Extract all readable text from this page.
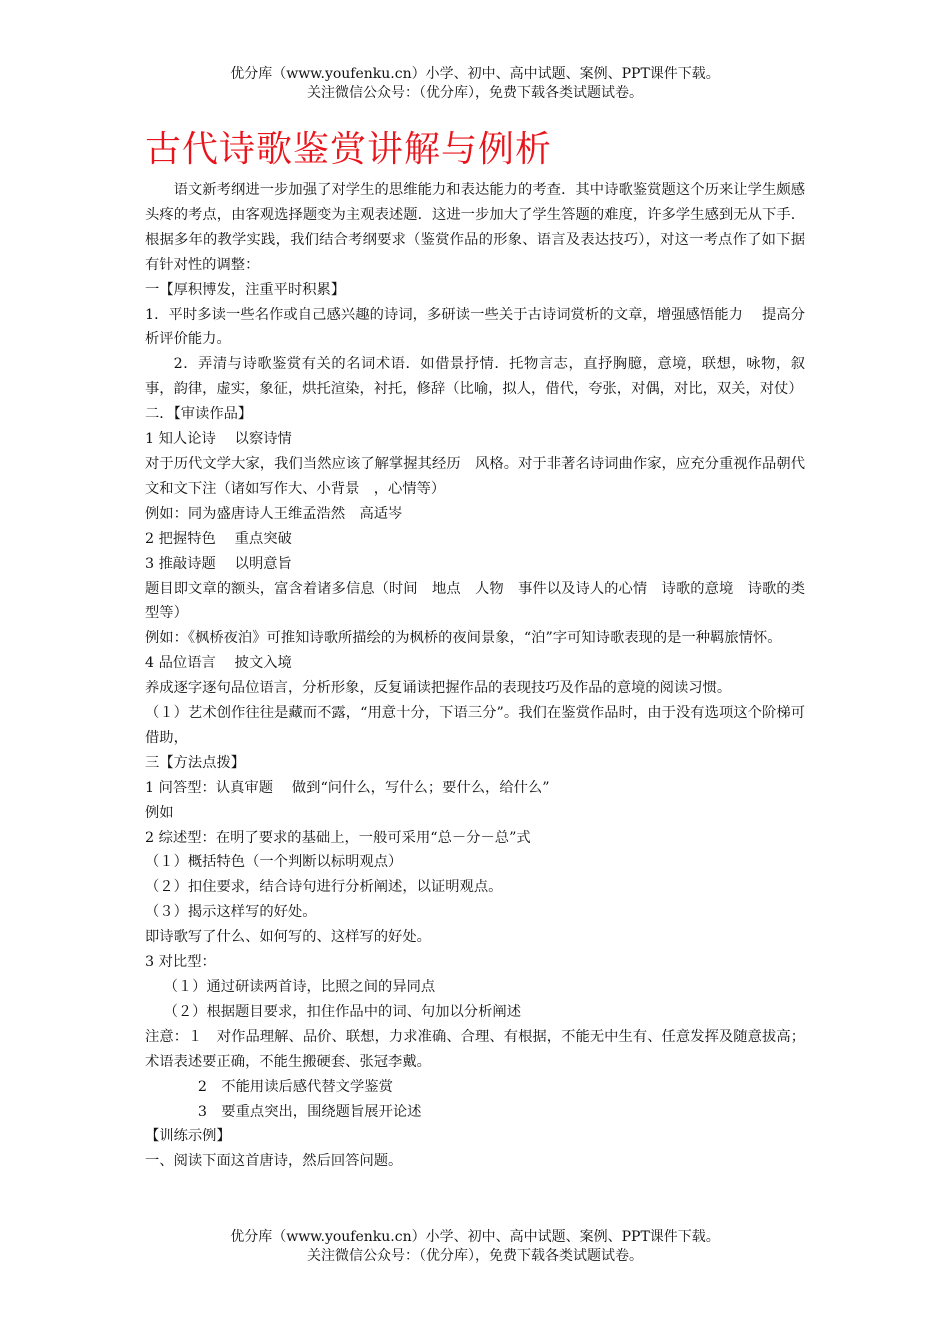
优分库（www.youfenku.cn）小学、初中、高中试题、案例、PPT课件下载。
关注微信公众号：（优分库），免费下载各类试题试卷。
古代诗歌鉴赏讲解与例析

语文新考纲进一步加强了对学生的思维能力和表达能力的考查．其中诗歌鉴赏题这个历来让学生颇感头疼的考点，由客观选择题变为主观表述题．这进一步加大了学生答题的难度，许多学生感到无从下手．根据多年的教学实践，我们结合考纲要求（鉴赏作品的形象、语言及表达技巧），对这一考点作了如下据有针对性的调整：

一【厚积博发，注重平时积累】

1．平时多读一些名作或自己感兴趣的诗词，多研读一些关于古诗词赏析的文章，增强感悟能力　 提高分析评价能力。

2．弄清与诗歌鉴赏有关的名词术语．如借景抒情．托物言志，直抒胸臆，意境，联想，咏物，叙事，韵律，虚实，象征，烘托渲染，衬托，修辞（比喻，拟人，借代，夸张，对偶，对比，双关，对仗）

二．【审读作品】

1 知人论诗　 以察诗情

对于历代文学大家，我们当然应该了解掌握其经历　风格。对于非著名诗词曲作家，应充分重视作品朝代文和文下注（诸如写作大、小背景　，心情等）

例如：同为盛唐诗人王维孟浩然　高适岑

2 把握特色　 重点突破

3 推敲诗题　 以明意旨

题目即文章的额头，富含着诸多信息（时间　地点　人物　事件以及诗人的心情　诗歌的意境　诗歌的类型等）

例如：《枫桥夜泊》可推知诗歌所描绘的为枫桥的夜间景象，“泊”字可知诗歌表现的是一种羁旅情怀。

4 品位语言　 披文入境

养成逐字逐句品位语言，分析形象，反复诵读把握作品的表现技巧及作品的意境的阅读习惯。

（１）艺术创作往往是藏而不露，“用意十分，下语三分”。我们在鉴赏作品时，由于没有选项这个阶梯可借助，

三【方法点拨】

1 问答型：认真审题　 做到“问什么，写什么；要什么，给什么”

例如

2 综述型：在明了要求的基础上，一般可采用“总－分－总”式

（１）概括特色（一个判断以标明观点）

（２）扣住要求，结合诗句进行分析阐述，以证明观点。

（３）揭示这样写的好处。

即诗歌写了什么、如何写的、这样写的好处。

3 对比型：

（１）通过研读两首诗，比照之间的异同点

（２）根据题目要求，扣住作品中的词、句加以分析阐述

注意：１　对作品理解、品价、联想，力求准确、合理、有根据，不能无中生有、任意发挥及随意拔高；术语表述要正确，不能生搬硬套、张冠李戴。

2　不能用读后感代替文学鉴赏

3　要重点突出，围绕题旨展开论述

【训练示例】

一、阅读下面这首唐诗，然后回答问题。

优分库（www.youfenku.cn）小学、初中、高中试题、案例、PPT课件下载。
关注微信公众号：（优分库），免费下载各类试题试卷。
